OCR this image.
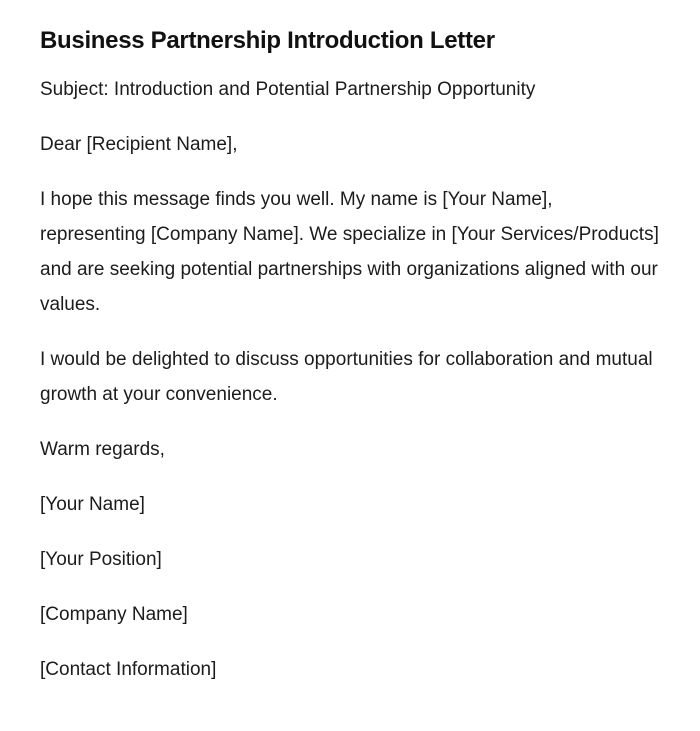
Business Partnership Introduction Letter

Subject: Introduction and Potential Partnership Opportunity

Dear [Recipient Name],

I hope this message finds you well. My name is [Your Name], representing [Company Name]. We specialize in [Your Services/Products] and are seeking potential partnerships with organizations aligned with our values.

I would be delighted to discuss opportunities for collaboration and mutual growth at your convenience.

Warm regards,

[Your Name]

[Your Position]

[Company Name]

[Contact Information]
